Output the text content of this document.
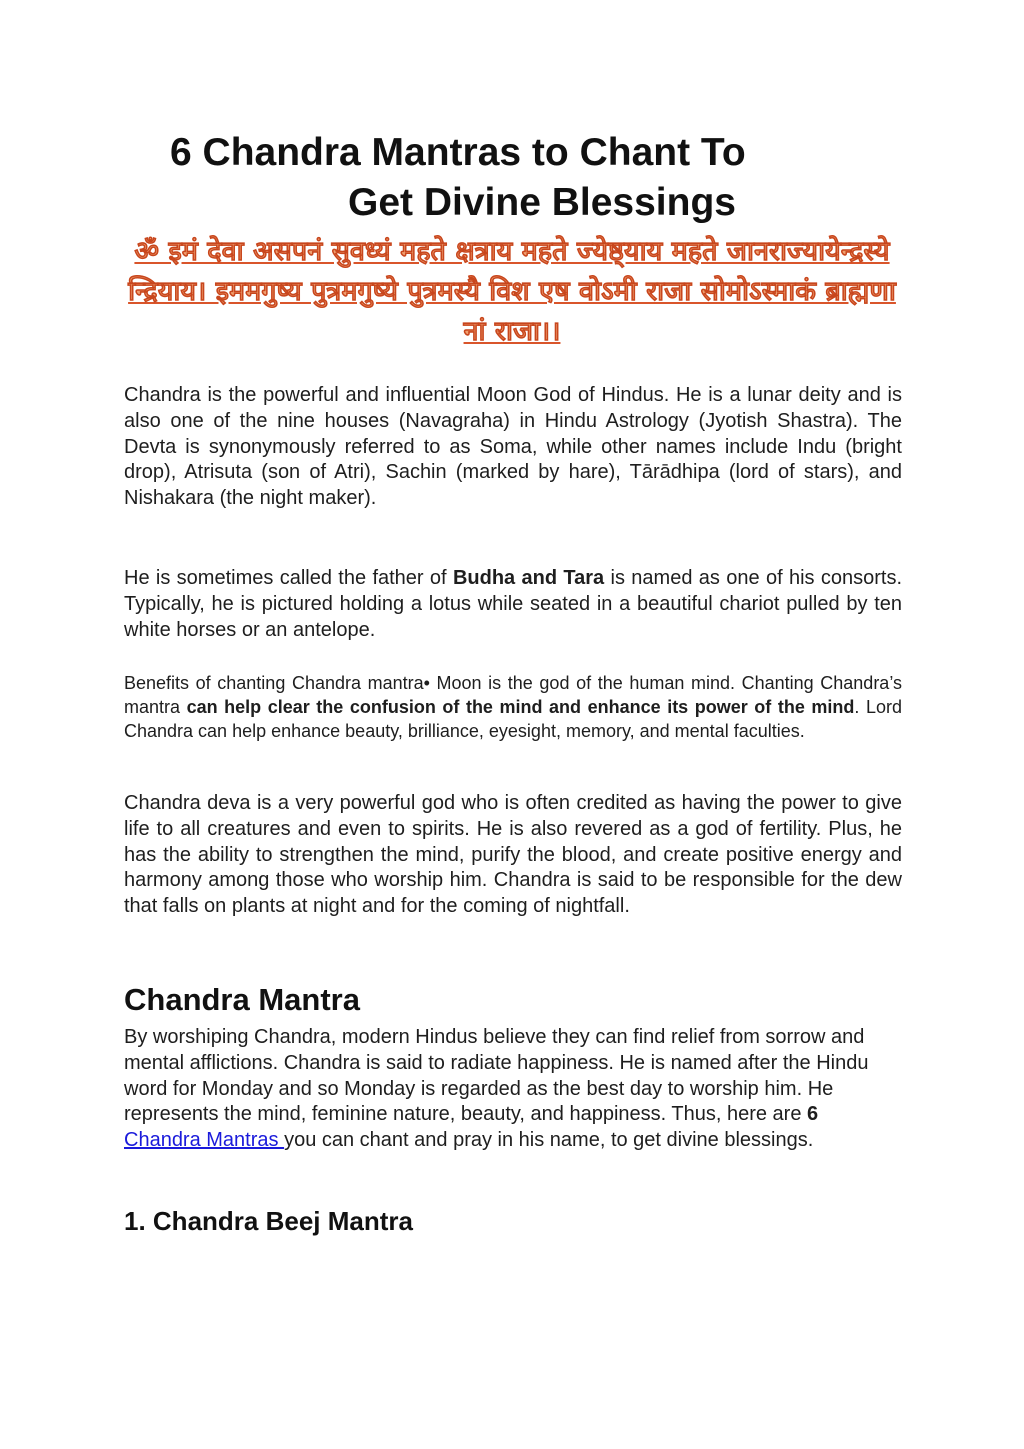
6 Chandra Mantras to Chant To
Get Divine Blessings

ॐ इमं देवा असपनं सुवध्यं महते क्षत्राय महते ज्येष्ठ्याय महते जानराज्यायेन्द्रस्ये न्द्रियाय। इममगुष्य पुत्रमगुष्ये पुत्रमस्यै विश एष वोऽमी राजा सोमोऽस्माकं ब्राह्मणा नां राजा।।

Chandra is the powerful and influential Moon God of Hindus. He is a lunar deity and is also one of the nine houses (Navagraha) in Hindu Astrology (Jyotish Shastra). The Devta is synonymously referred to as Soma, while other names include Indu (bright drop), Atrisuta (son of Atri), Sachin (marked by hare), Tārādhipa (lord of stars), and Nishakara (the night maker).

He is sometimes called the father of Budha and Tara is named as one of his consorts. Typically, he is pictured holding a lotus while seated in a beautiful chariot pulled by ten white horses or an antelope.

Benefits of chanting Chandra mantra• Moon is the god of the human mind. Chanting Chandra’s mantra can help clear the confusion of the mind and enhance its power of the mind. Lord Chandra can help enhance beauty, brilliance, eyesight, memory, and mental faculties.

Chandra deva is a very powerful god who is often credited as having the power to give life to all creatures and even to spirits. He is also revered as a god of fertility. Plus, he has the ability to strengthen the mind, purify the blood, and create positive energy and harmony among those who worship him. Chandra is said to be responsible for the dew that falls on plants at night and for the coming of nightfall.

Chandra Mantra

By worshiping Chandra, modern Hindus believe they can find relief from sorrow and mental afflictions. Chandra is said to radiate happiness. He is named after the Hindu word for Monday and so Monday is regarded as the best day to worship him. He represents the mind, feminine nature, beauty, and happiness. Thus, here are 6 Chandra Mantras you can chant and pray in his name, to get divine blessings.

1. Chandra Beej Mantra
